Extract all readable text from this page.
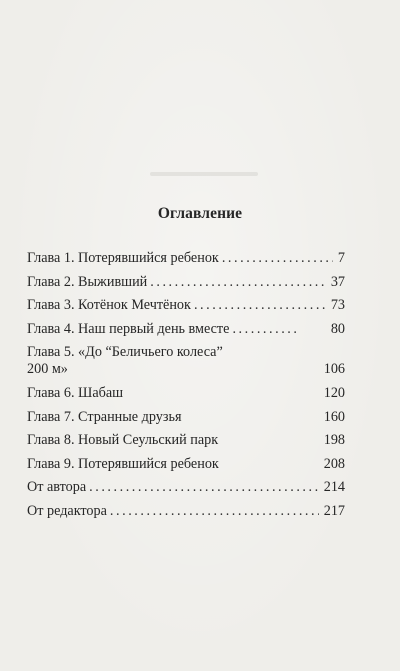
Оглавление
Глава 1. Потерявшийся ребенок . . .	7
Глава 2. Выживший . . .	37
Глава 3. Котёнок Мечтёнок . . .	73
Глава 4. Наш первый день вместе . . .	80
Глава 5. «До “Беличьего колеса”
200 м»	106
Глава 6. Шабаш	120
Глава 7. Странные друзья	160
Глава 8. Новый Сеульский парк	198
Глава 9. Потерявшийся ребенок	208
От автора . . .	214
От редактора . . .	217
